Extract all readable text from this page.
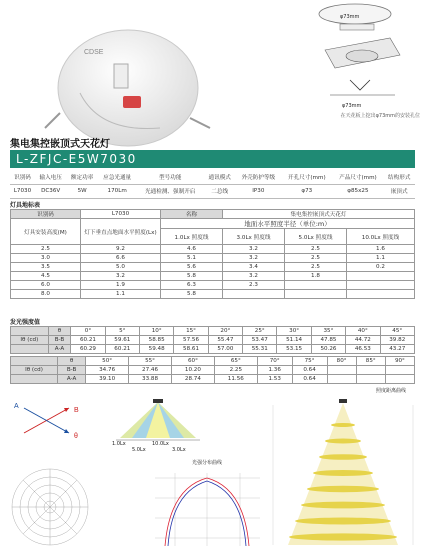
CDSE
φ73mm
φ73mm
在天花板上挖出φ73mm的安装孔位
集电集控嵌顶式天花灯
L-ZFJC-E5W7030
识别码	输入电压	额定功率	应急光通量	型号功能	通讯模式	外壳防护等级	开孔尺寸(mm)	产品尺寸(mm)	结构形式
L7030	DC36V	5W	170Lm	光通检测、强制开启	二总线	IP30	φ73	φ85x25	嵌顶式
灯具地标表
识别码	L7030	名称	集电集控嵌顶式天花灯		
灯具安装高度(M)	灯下垂直点地面水平照度(Lx)	地面水平照度半径（单位:m）			
		1.0Lx 照度线	3.0Lx 照度线	5.0Lx 照度线	10.0Lx 照度线
2.5	9.2	4.6	3.2	2.5	1.6
3.0	6.6	5.1	3.2	2.5	1.1
3.5	5.0	5.6	3.4	2.5	0.2
4.5	3.2	5.8	3.2	1.8	
6.0	1.9	6.3	2.3		
8.0	1.1	5.8			
发光强度值
	θ	0°	5°	10°	15°	20°	25°	30°	35°	40°	45°
Iθ (cd)	B-B	60.21	59.61	58.85	57.56	55.47	53.47	51.14	47.85	44.72	39.82
	A-A	60.29	60.21	59.48	58.61	57.00	55.31	53.15	50.26	46.53	43.27
	θ	50°	55°	60°	65°	70°	75°	80°	85°	90°
Iθ (cd)	B-B	34.76	27.46	10.20	2.25	1.36	0.64			
	A-A	39.10	33.88	28.74	11.56	1.53	0.64			
A
B
θ
1.0Lx
5.0Lx
10.0Lx
3.0Lx
光强分布曲线
照度距离曲线
